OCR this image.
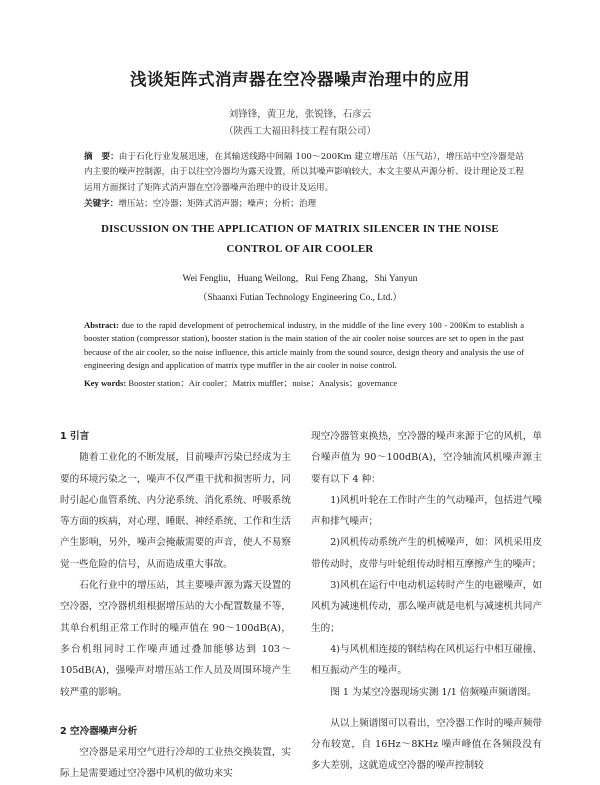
浅谈矩阵式消声器在空冷器噪声治理中的应用
刘锋锋，黄卫龙，张锐锋，石彦云
（陕西工大福田科技工程有限公司）
摘　要：由于石化行业发展迅速，在其输送线路中间隔 100～200Km 建立增压站（压气站），增压站中空冷器是站内主要的噪声控制源，由于以往空冷器均为露天设置，所以其噪声影响较大，本文主要从声源分析、设计理论及工程运用方面探讨了矩阵式消声器在空冷器噪声治理中的设计及运用。
关键字：增压站；空冷器；矩阵式消声器；噪声；分析；治理
DISCUSSION ON THE APPLICATION OF MATRIX SILENCER IN THE NOISE CONTROL OF AIR COOLER
Wei Fengliu，Huang Weilong，Rui Feng Zhang，Shi Yanyun
（Shaanxi Futian Technology Engineering Co., Ltd.）
Abstract: due to the rapid development of petrochemical industry, in the middle of the line every 100 - 200Km to establish a booster station (compressor station), booster station is the main station of the air cooler noise sources are set to open in the past because of the air cooler, so the noise influence, this article mainly from the sound source, design theory and analysis the use of engineering design and application of matrix type muffler in the air cooler in noise control.
Key words: Booster station；Air cooler；Matrix muffler；noise；Analysis；governance
1 引言

随着工业化的不断发展，目前噪声污染已经成为主要的环境污染之一，噪声不仅严重干扰和损害听力，同时引起心血管系统、内分泌系统、消化系统、呼吸系统等方面的疾病，对心理、睡眠、神经系统、工作和生活产生影响，另外，噪声会掩蔽需要的声音，使人不易察觉一些危险的信号，从而造成重大事故。

石化行业中的增压站，其主要噪声源为露天设置的空冷器，空冷器机组根据增压站的大小配置数量不等，其单台机组正常工作时的噪声值在 90～100dB(A)，多台机组同时工作噪声通过叠加能够达到 103～105dB(A)，强噪声对增压站工作人员及周围环境产生较严重的影响。

2 空冷器噪声分析

空冷器是采用空气进行冷却的工业热交换装置，实际上是需要通过空冷器中风机的做功来实

现空冷器管束换热，空冷器的噪声来源于它的风机，单台噪声值为 90～100dB(A)，空冷轴流风机噪声源主要有以下 4 种：

1)风机叶轮在工作时产生的气动噪声，包括进气噪声和排气噪声；

2)风机传动系统产生的机械噪声，如：风机采用皮带传动时，皮带与叶轮组传动时相互摩擦产生的噪声；

3)风机在运行中电动机运转时产生的电磁噪声，如风机为减速机传动，那么噪声就是电机与减速机共同产生的；

4)与风机相连接的钢结构在风机运行中相互碰撞、相互振动产生的噪声。

图 1 为某空冷器现场实测 1/1 倍频噪声频谱图。

从以上频谱图可以看出，空冷器工作时的噪声频带分布较宽，自 16Hz～8KHz 噪声峰值在各频段没有多大差别，这就造成空冷器的噪声控制较
